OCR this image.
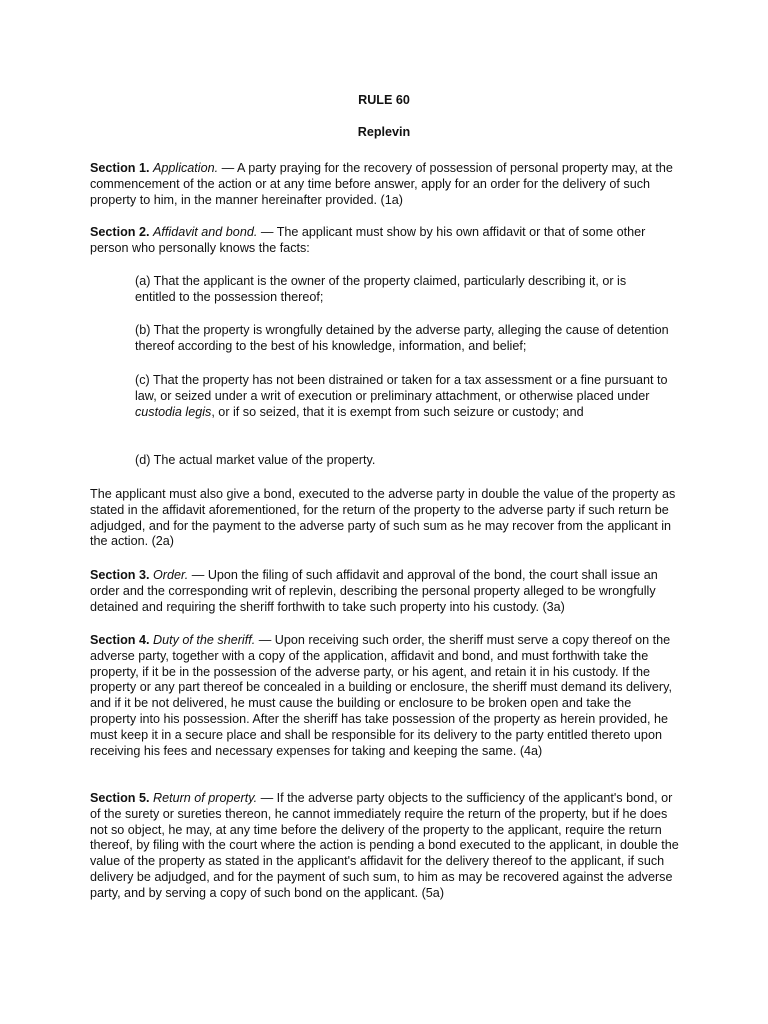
RULE 60
Replevin

Section 1. Application. — A party praying for the recovery of possession of personal property may, at the commencement of the action or at any time before answer, apply for an order for the delivery of such property to him, in the manner hereinafter provided. (1a)

Section 2. Affidavit and bond. — The applicant must show by his own affidavit or that of some other person who personally knows the facts:

(a) That the applicant is the owner of the property claimed, particularly describing it, or is entitled to the possession thereof;

(b) That the property is wrongfully detained by the adverse party, alleging the cause of detention thereof according to the best of his knowledge, information, and belief;

(c) That the property has not been distrained or taken for a tax assessment or a fine pursuant to law, or seized under a writ of execution or preliminary attachment, or otherwise placed under custodia legis, or if so seized, that it is exempt from such seizure or custody; and

(d) The actual market value of the property.

The applicant must also give a bond, executed to the adverse party in double the value of the property as stated in the affidavit aforementioned, for the return of the property to the adverse party if such return be adjudged, and for the payment to the adverse party of such sum as he may recover from the applicant in the action. (2a)

Section 3. Order. — Upon the filing of such affidavit and approval of the bond, the court shall issue an order and the corresponding writ of replevin, describing the personal property alleged to be wrongfully detained and requiring the sheriff forthwith to take such property into his custody. (3a)

Section 4. Duty of the sheriff. — Upon receiving such order, the sheriff must serve a copy thereof on the adverse party, together with a copy of the application, affidavit and bond, and must forthwith take the property, if it be in the possession of the adverse party, or his agent, and retain it in his custody. If the property or any part thereof be concealed in a building or enclosure, the sheriff must demand its delivery, and if it be not delivered, he must cause the building or enclosure to be broken open and take the property into his possession. After the sheriff has take possession of the property as herein provided, he must keep it in a secure place and shall be responsible for its delivery to the party entitled thereto upon receiving his fees and necessary expenses for taking and keeping the same. (4a)

Section 5. Return of property. — If the adverse party objects to the sufficiency of the applicant's bond, or of the surety or sureties thereon, he cannot immediately require the return of the property, but if he does not so object, he may, at any time before the delivery of the property to the applicant, require the return thereof, by filing with the court where the action is pending a bond executed to the applicant, in double the value of the property as stated in the applicant's affidavit for the delivery thereof to the applicant, if such delivery be adjudged, and for the payment of such sum, to him as may be recovered against the adverse party, and by serving a copy of such bond on the applicant. (5a)
